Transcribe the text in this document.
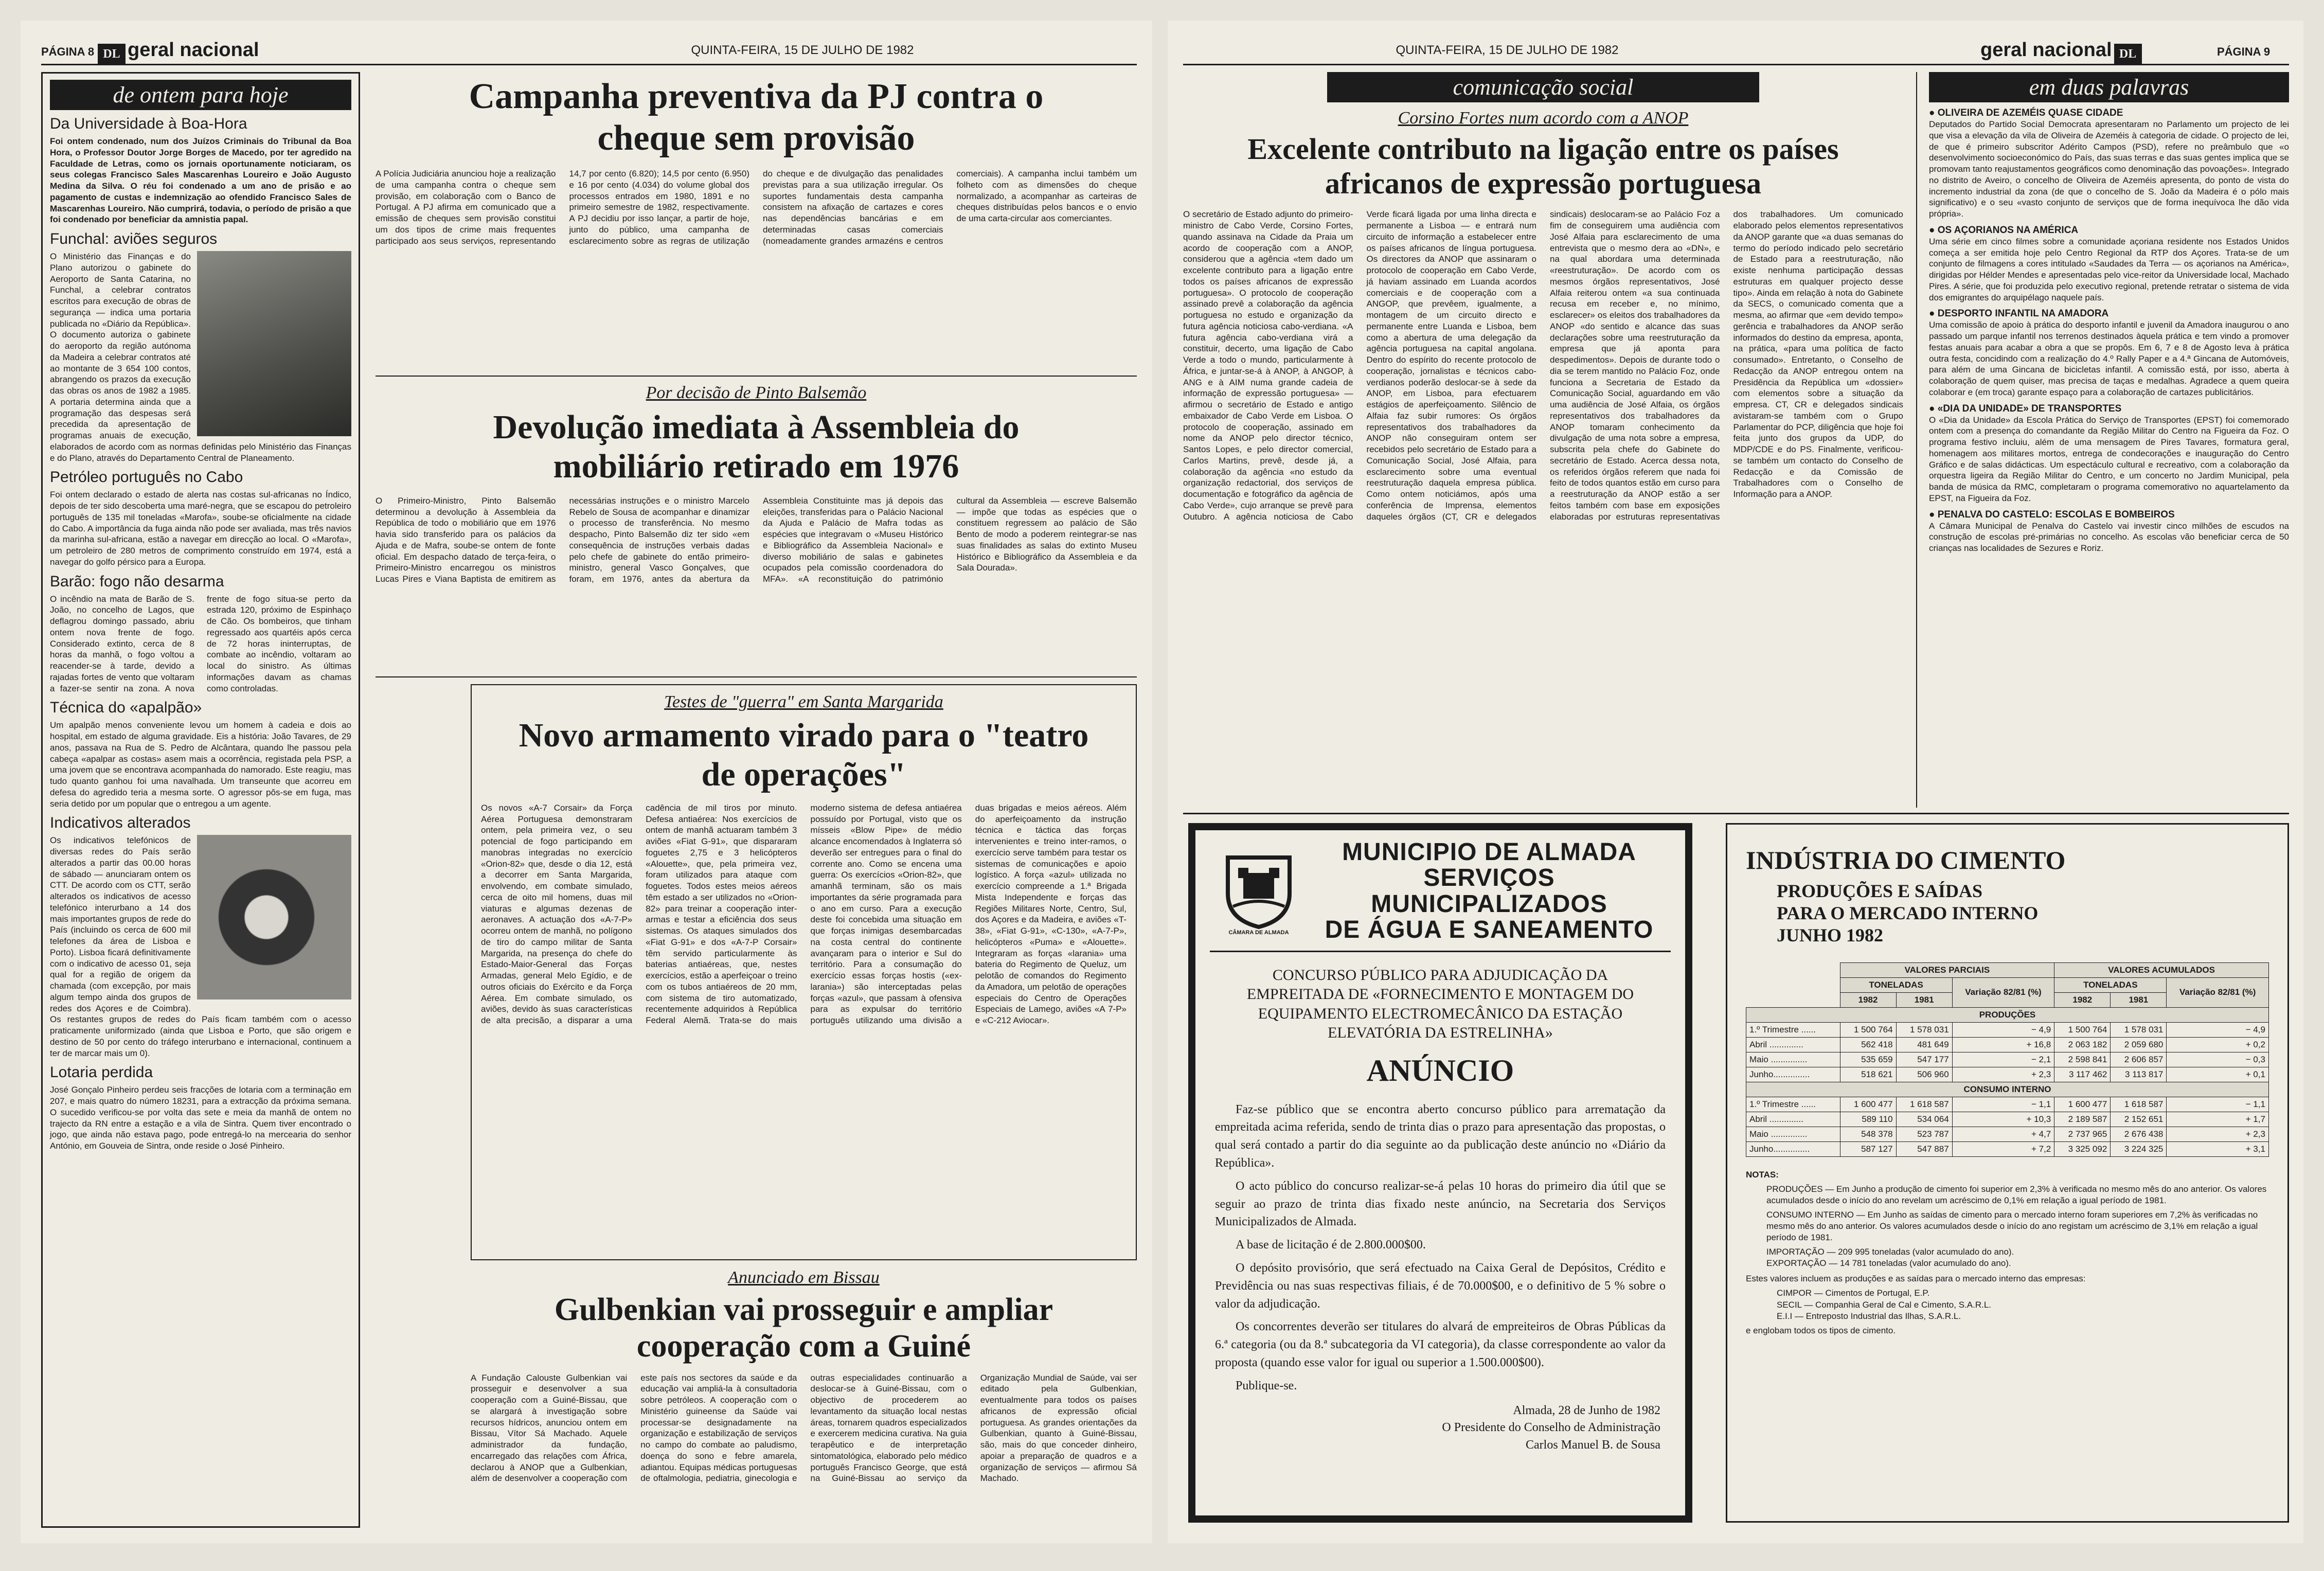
PÁGINA 8 DL geral nacional	QUINTA-FEIRA, 15 DE JULHO DE 1982
de ontem para hoje
Da Universidade à Boa-Hora
Foi ontem condenado, num dos Juízos Criminais do Tribunal da Boa Hora, o Professor Doutor Jorge Borges de Macedo, por ter agredido na Faculdade de Letras, como os jornais oportunamente noticiaram, os seus colegas Francisco Sales Mascarenhas Loureiro e João Augusto Medina da Silva. O réu foi condenado a um ano de prisão e ao pagamento de custas e indemnização ao ofendido Francisco Sales de Mascarenhas Loureiro. Não cumprirá, todavia, o período de prisão a que foi condenado por beneficiar da amnistia papal.
Funchal: aviões seguros
O Ministério das Finanças e do Plano autorizou o gabinete do Aeroporto de Santa Catarina, no Funchal, a celebrar contratos escritos para execução de obras de segurança — indica uma portaria publicada no «Diário da República». O documento autoriza o gabinete do aeroporto da região autónoma da Madeira a celebrar contratos até ao montante de 3 654 100 contos, abrangendo os prazos da execução das obras os anos de 1982 a 1985. A portaria determina ainda que a programação das despesas será precedida da apresentação de programas anuais de execução, elaborados de acordo com as normas definidas pelo Ministério das Finanças e do Plano, através do Departamento Central de Planeamento.
Petróleo português no Cabo
Foi ontem declarado o estado de alerta nas costas sul-africanas no Índico, depois de ter sido descoberta uma maré-negra, que se escapou do petroleiro português de 135 mil toneladas «Marofa», soube-se oficialmente na cidade do Cabo. A importância da fuga ainda não pode ser avaliada, mas três navios da marinha sul-africana, estão a navegar em direcção ao local. O «Marofa», um petroleiro de 280 metros de comprimento construído em 1974, está a navegar do golfo pérsico para a Europa.
Barão: fogo não desarma
O incêndio na mata de Barão de S. João, no concelho de Lagos, que deflagrou domingo passado, abriu ontem nova frente de fogo. Considerado extinto, cerca de 8 horas da manhã, o fogo voltou a reacender-se à tarde, devido a rajadas fortes de vento que voltaram a fazer-se sentir na zona. A nova frente de fogo situa-se perto da estrada 120, próximo de Espinhaço de Cão. Os bombeiros, que tinham regressado aos quartéis após cerca de 72 horas ininterruptas, de combate ao incêndio, voltaram ao local do sinistro. As últimas informações davam as chamas como controladas.
Técnica do «apalpão»
Um apalpão menos conveniente levou um homem à cadeia e dois ao hospital, em estado de alguma gravidade. Eis a história: João Tavares, de 29 anos, passava na Rua de S. Pedro de Alcântara, quando lhe passou pela cabeça «apalpar as costas» asem mais a ocorrência, registada pela PSP, a uma jovem que se encontrava acompanhada do namorado. Este reagiu, mas tudo quanto ganhou foi uma navalhada. Um transeunte que acorreu em defesa do agredido teria a mesma sorte. O agressor pôs-se em fuga, mas seria detido por um popular que o entregou a um agente.
Indicativos alterados
Os indicativos telefónicos de diversas redes do País serão alterados a partir das 00.00 horas de sábado — anunciaram ontem os CTT. De acordo com os CTT, serão alterados os indicativos de acesso telefónico interurbano a 14 dos mais importantes grupos de rede do País (incluindo os cerca de 600 mil telefones da área de Lisboa e Porto). Lisboa ficará definitivamente com o indicativo de acesso 01, seja qual for a região de origem da chamada (com excepção, por mais algum tempo ainda dos grupos de redes dos Açores e de Coimbra). Os restantes grupos de redes do País ficam também com o acesso praticamente uniformizado (ainda que Lisboa e Porto, que são origem e destino de 50 por cento do tráfego interurbano e internacional, continuem a ter de marcar mais um 0).
Lotaria perdida
José Gonçalo Pinheiro perdeu seis fracções de lotaria com a terminação em 207, e mais quatro do número 18231, para a extracção da próxima semana. O sucedido verificou-se por volta das sete e meia da manhã de ontem no trajecto da RN entre a estação e a vila de Sintra. Quem tiver encontrado o jogo, que ainda não estava pago, pode entregá-lo na mercearia do senhor António, em Gouveia de Sintra, onde reside o José Pinheiro.
Campanha preventiva da PJ contra o cheque sem provisão
A Polícia Judiciária anunciou hoje a realização de uma campanha contra o cheque sem provisão, em colaboração com o Banco de Portugal. A PJ afirma em comunicado que a emissão de cheques sem provisão constitui um dos tipos de crime mais frequentes participado aos seus serviços, representando 14,7 por cento (6.820); 14,5 por cento (6.950) e 16 por cento (4.034) do volume global dos processos entrados em 1980, 1891 e no primeiro semestre de 1982, respectivamente. A PJ decidiu por isso lançar, a partir de hoje, junto do público, uma campanha de esclarecimento sobre as regras de utilização do cheque e de divulgação das penalidades previstas para a sua utilização irregular. Os suportes fundamentais desta campanha consistem na afixação de cartazes e cores nas dependências bancárias e em determinadas casas comerciais (nomeadamente grandes armazéns e centros comerciais). A campanha inclui também um folheto com as dimensões do cheque normalizado, a acompanhar as carteiras de cheques distribuídas pelos bancos e o envio de uma carta-circular aos comerciantes.
Por decisão de Pinto Balsemão
Devolução imediata à Assembleia do mobiliário retirado em 1976
O Primeiro-Ministro, Pinto Balsemão determinou a devolução à Assembleia da República de todo o mobiliário que em 1976 havia sido transferido para os palácios da Ajuda e de Mafra, soube-se ontem de fonte oficial. Em despacho datado de terça-feira, o Primeiro-Ministro encarregou os ministros Lucas Pires e Viana Baptista de emitirem as necessárias instruções e o ministro Marcelo Rebelo de Sousa de acompanhar e dinamizar o processo de transferência. No mesmo despacho, Pinto Balsemão diz ter sido «em consequência de instruções verbais dadas pelo chefe de gabinete do então primeiro-ministro, general Vasco Gonçalves, que foram, em 1976, antes da abertura da Assembleia Constituinte mas já depois das eleições, transferidas para o Palácio Nacional da Ajuda e Palácio de Mafra todas as espécies que integravam o «Museu Histórico e Bibliográfico da Assembleia Nacional» e diverso mobiliário de salas e gabinetes ocupados pela comissão coordenadora do MFA». «A reconstituição do património cultural da Assembleia — escreve Balsemão — impõe que todas as espécies que o constituem regressem ao palácio de São Bento de modo a poderem reintegrar-se nas suas finalidades as salas do extinto Museu Histórico e Bibliográfico da Assembleia e da Sala Dourada».
Testes de "guerra" em Santa Margarida
Novo armamento virado para o "teatro de operações"
Os novos «A-7 Corsair» da Força Aérea Portuguesa demonstraram ontem, pela primeira vez, o seu potencial de fogo participando em manobras integradas no exercício «Orion-82» que, desde o dia 12, está a decorrer em Santa Margarida, envolvendo, em combate simulado, cerca de oito mil homens, duas mil viaturas e algumas dezenas de aeronaves. A actuação dos «A-7-P» ocorreu ontem de manhã, no polígono de tiro do campo militar de Santa Margarida, na presença do chefe do Estado-Maior-General das Forças Armadas, general Melo Egídio, e de outros oficiais do Exército e da Força Aérea. Em combate simulado, os aviões, devido às suas características de alta precisão, a disparar a uma cadência de mil tiros por minuto. Defesa antiaérea: Nos exercícios de ontem de manhã actuaram também 3 aviões «Fiat G-91», que dispararam foguetes 2,75 e 3 helicópteros «Alouette», que, pela primeira vez, foram utilizados para ataque com foguetes. Todos estes meios aéreos têm estado a ser utilizados no «Orion-82» para treinar a cooperação inter-armas e testar a eficiência dos seus sistemas. Os ataques simulados dos «Fiat G-91» e dos «A-7-P Corsair» têm servido particularmente às baterias antiaéreas, que, nestes exercícios, estão a aperfeiçoar o treino com os tubos antiaéreos de 20 mm, com sistema de tiro automatizado, recentemente adquiridos à República Federal Alemã. Trata-se do mais moderno sistema de defesa antiaérea possuído por Portugal, visto que os mísseis «Blow Pipe» de médio alcance encomendados à Inglaterra só deverão ser entregues para o final do corrente ano. Como se encena uma guerra: Os exercícios «Orion-82», que amanhã terminam, são os mais importantes da série programada para o ano em curso. Para a execução deste foi concebida uma situação em que forças inimigas desembarcadas na costa central do continente avançaram para o interior e Sul do território. Para a consumação do exercício essas forças hostis («ex-larania») são interceptadas pelas forças «azul», que passam à ofensiva para as expulsar do território português utilizando uma divisão a duas brigadas e meios aéreos. Além do aperfeiçoamento da instrução técnica e táctica das forças intervenientes e treino inter-ramos, o exercício serve também para testar os sistemas de comunicações e apoio logístico. A força «azul» utilizada no exercício compreende a 1.ª Brigada Mista Independente e forças das Regiões Militares Norte, Centro, Sul, dos Açores e da Madeira, e aviões «T-38», «Fiat G-91», «C-130», «A-7-P», helicópteros «Puma» e «Alouette». Integraram as forças «larania» uma bateria do Regimento de Queluz, um pelotão de comandos do Regimento da Amadora, um pelotão de operações especiais do Centro de Operações Especiais de Lamego, aviões «A 7-P» e «C-212 Aviocar».
Anunciado em Bissau
Gulbenkian vai prosseguir e ampliar cooperação com a Guiné
A Fundação Calouste Gulbenkian vai prosseguir e desenvolver a sua cooperação com a Guiné-Bissau, que se alargará à investigação sobre recursos hídricos, anunciou ontem em Bissau, Vítor Sá Machado. Aquele administrador da fundação, encarregado das relações com África, declarou à ANOP que a Gulbenkian, além de desenvolver a cooperação com este país nos sectores da saúde e da educação vai ampliá-la à consultadoria sobre petróleos. A cooperação com o Ministério guineense da Saúde vai processar-se designadamente na organização e estabilização de serviços no campo do combate ao paludismo, doença do sono e febre amarela, adiantou. Equipas médicas portuguesas de oftalmologia, pediatria, ginecologia e outras especialidades continuarão a deslocar-se à Guiné-Bissau, com o objectivo de procederem ao levantamento da situação local nestas áreas, tornarem quadros especializados e exercerem medicina curativa. Na guia terapêutico e de interpretação sintomatológica, elaborado pelo médico português Francisco George, que está na Guiné-Bissau ao serviço da Organização Mundial de Saúde, vai ser editado pela Gulbenkian, eventualmente para todos os países africanos de expressão oficial portuguesa. As grandes orientações da Gulbenkian, quanto à Guiné-Bissau, são, mais do que conceder dinheiro, apoiar a preparação de quadros e a organização de serviços — afirmou Sá Machado.
QUINTA-FEIRA, 15 DE JULHO DE 1982	geral nacional DL	PÁGINA 9
comunicação social
Corsino Fortes num acordo com a ANOP
Excelente contributo na ligação entre os países africanos de expressão portuguesa
O secretário de Estado adjunto do primeiro-ministro de Cabo Verde, Corsino Fortes, quando assinava na Cidade da Praia um acordo de cooperação com a ANOP, considerou que a agência «tem dado um excelente contributo para a ligação entre todos os países africanos de expressão portuguesa». O protocolo de cooperação assinado prevê a colaboração da agência portuguesa no estudo e organização da futura agência noticiosa cabo-verdiana. «A futura agência cabo-verdiana virá a constituir, decerto, uma ligação de Cabo Verde a todo o mundo, particularmente à África, e juntar-se-á à ANOP, à ANGOP, à ANG e à AIM numa grande cadeia de informação de expressão portuguesa» — afirmou o secretário de Estado e antigo embaixador de Cabo Verde em Lisboa. O protocolo de cooperação, assinado em nome da ANOP pelo director técnico, Santos Lopes, e pelo director comercial, Carlos Martins, prevê, desde já, a colaboração da agência «no estudo da organização redactorial, dos serviços de documentação e fotográfico da agência de Cabo Verde», cujo arranque se prevê para Outubro. A agência noticiosa de Cabo Verde ficará ligada por uma linha directa e permanente a Lisboa — e entrará num circuito de informação a estabelecer entre os países africanos de língua portuguesa. Os directores da ANOP que assinaram o protocolo de cooperação em Cabo Verde, já haviam assinado em Luanda acordos comerciais e de cooperação com a ANGOP, que prevêem, igualmente, a montagem de um circuito directo e permanente entre Luanda e Lisboa, bem como a abertura de uma delegação da agência portuguesa na capital angolana. Dentro do espírito do recente protocolo de cooperação, jornalistas e técnicos cabo-verdianos poderão deslocar-se à sede da ANOP, em Lisboa, para efectuarem estágios de aperfeiçoamento. Silêncio de Alfaia faz subir rumores: Os órgãos representativos dos trabalhadores da ANOP não conseguiram ontem ser recebidos pelo secretário de Estado para a Comunicação Social, José Alfaia, para esclarecimento sobre uma eventual reestruturação daquela empresa pública. Como ontem noticiámos, após uma conferência de Imprensa, elementos daqueles órgãos (CT, CR e delegados sindicais) deslocaram-se ao Palácio Foz a fim de conseguirem uma audiência com José Alfaia para esclarecimento de uma entrevista que o mesmo dera ao «DN», e na qual abordara uma determinada «reestruturação». De acordo com os mesmos órgãos representativos, José Alfaia reiterou ontem «a sua continuada recusa em receber e, no mínimo, esclarecer» os eleitos dos trabalhadores da ANOP «do sentido e alcance das suas declarações sobre uma reestruturação da empresa que já aponta para despedimentos». Depois de durante todo o dia se terem mantido no Palácio Foz, onde funciona a Secretaria de Estado da Comunicação Social, aguardando em vão uma audiência de José Alfaia, os órgãos representativos dos trabalhadores da ANOP tomaram conhecimento da divulgação de uma nota sobre a empresa, subscrita pela chefe do Gabinete do secretário de Estado. Acerca dessa nota, os referidos órgãos referem que nada foi feito de todos quantos estão em curso para a reestruturação da ANOP estão a ser feitos também com base em exposições elaboradas por estruturas representativas dos trabalhadores. Um comunicado elaborado pelos elementos representativos da ANOP garante que «a duas semanas do termo do período indicado pelo secretário de Estado para a reestruturação, não existe nenhuma participação dessas estruturas em qualquer projecto desse tipo». Ainda em relação à nota do Gabinete da SECS, o comunicado comenta que a mesma, ao afirmar que «em devido tempo» gerência e trabalhadores da ANOP serão informados do destino da empresa, aponta, na prática, «para uma política de facto consumado». Entretanto, o Conselho de Redacção da ANOP entregou ontem na Presidência da República um «dossier» com elementos sobre a situação da empresa. CT, CR e delegados sindicais avistaram-se também com o Grupo Parlamentar do PCP, diligência que hoje foi feita junto dos grupos da UDP, do MDP/CDE e do PS. Finalmente, verificou-se também um contacto do Conselho de Redacção e da Comissão de Trabalhadores com o Conselho de Informação para a ANOP.
em duas palavras
● OLIVEIRA DE AZEMÉIS QUASE CIDADE
Deputados do Partido Social Democrata apresentaram no Parlamento um projecto de lei que visa a elevação da vila de Oliveira de Azeméis à categoria de cidade. O projecto de lei, de que é primeiro subscritor Adérito Campos (PSD), refere no preâmbulo que «o desenvolvimento socioeconómico do País, das suas terras e das suas gentes implica que se promovam tanto reajustamentos geográficos como denominação das povoações». Integrado no distrito de Aveiro, o concelho de Oliveira de Azeméis apresenta, do ponto de vista do incremento industrial da zona (de que o concelho de S. João da Madeira é o pólo mais significativo) e o seu «vasto conjunto de serviços que de forma inequívoca lhe dão vida própria».
● OS AÇORIANOS NA AMÉRICA
Uma série em cinco filmes sobre a comunidade açoriana residente nos Estados Unidos começa a ser emitida hoje pelo Centro Regional da RTP dos Açores. Trata-se de um conjunto de filmagens a cores intitulado «Saudades da Terra — os açorianos na América», dirigidas por Hélder Mendes e apresentadas pelo vice-reitor da Universidade local, Machado Pires. A série, que foi produzida pelo executivo regional, pretende retratar o sistema de vida dos emigrantes do arquipélago naquele país.
● DESPORTO INFANTIL NA AMADORA
Uma comissão de apoio à prática do desporto infantil e juvenil da Amadora inaugurou o ano passado um parque infantil nos terrenos destinados àquela prática e tem vindo a promover festas anuais para acabar a obra a que se propôs. Em 6, 7 e 8 de Agosto leva à prática outra festa, concidindo com a realização do 4.º Rally Paper e a 4.ª Gincana de Automóveis, para além de uma Gincana de bicicletas infantil. A comissão está, por isso, aberta à colaboração de quem quiser, mas precisa de taças e medalhas. Agradece a quem queira colaborar e (em troca) garante espaço para a colaboração de cartazes publicitários.
● «DIA DA UNIDADE» DE TRANSPORTES
O «Dia da Unidade» da Escola Prática do Serviço de Transportes (EPST) foi comemorado ontem com a presença do comandante da Região Militar do Centro na Figueira da Foz. O programa festivo incluiu, além de uma mensagem de Pires Tavares, formatura geral, homenagem aos militares mortos, entrega de condecorações e inauguração do Centro Gráfico e de salas didácticas. Um espectáculo cultural e recreativo, com a colaboração da orquestra ligeira da Região Militar do Centro, e um concerto no Jardim Municipal, pela banda de música da RMC, completaram o programa comemorativo no aquartelamento da EPST, na Figueira da Foz.
● PENALVA DO CASTELO: ESCOLAS E BOMBEIROS
A Câmara Municipal de Penalva do Castelo vai investir cinco milhões de escudos na construção de escolas pré-primárias no concelho. As escolas vão beneficiar cerca de 50 crianças nas localidades de Sezures e Roriz.
CÂMARA DE ALMADA
MUNICIPIO DE ALMADA
SERVIÇOS MUNICIPALIZADOS
DE ÁGUA E SANEAMENTO
CONCURSO PÚBLICO PARA ADJUDICAÇÃO DA EMPREITADA DE «FORNECIMENTO E MONTAGEM DO EQUIPAMENTO ELECTROMECÂNICO DA ESTAÇÃO ELEVATÓRIA DA ESTRELINHA»
ANÚNCIO

Faz-se público que se encontra aberto concurso público para arrematação da empreitada acima referida, sendo de trinta dias o prazo para apresentação das propostas, o qual será contado a partir do dia seguinte ao da publicação deste anúncio no «Diário da República».

O acto público do concurso realizar-se-á pelas 10 horas do primeiro dia útil que se seguir ao prazo de trinta dias fixado neste anúncio, na Secretaria dos Serviços Municipalizados de Almada.

A base de licitação é de 2.800.000$00.

O depósito provisório, que será efectuado na Caixa Geral de Depósitos, Crédito e Previdência ou nas suas respectivas filiais, é de 70.000$00, e o definitivo de 5 % sobre o valor da adjudicação.

Os concorrentes deverão ser titulares do alvará de empreiteiros de Obras Públicas da 6.ª categoria (ou da 8.ª subcategoria da VI categoria), da classe correspondente ao valor da proposta (quando esse valor for igual ou superior a 1.500.000$00).

Publique-se.

Almada, 28 de Junho de 1982
O Presidente do Conselho de Administração
Carlos Manuel B. de Sousa
INDÚSTRIA DO CIMENTO
PRODUÇÕES E SAÍDAS
PARA O MERCADO INTERNO
JUNHO 1982
	VALORES PARCIAIS			VALORES ACUMULADOS		
	TONELADAS		Variação 82/81 (%)	TONELADAS		Variação 82/81 (%)
	1982	1981		1982	1981	
PRODUÇÕES						
1.º Trimestre ......	1 500 764	1 578 031	− 4,9	1 500 764	1 578 031	− 4,9
Abril ..............	562 418	481 649	+ 16,8	2 063 182	2 059 680	+ 0,2
Maio ...............	535 659	547 177	− 2,1	2 598 841	2 606 857	− 0,3
Junho...............	518 621	506 960	+ 2,3	3 117 462	3 113 817	+ 0,1
CONSUMO INTERNO						
1.º Trimestre ......	1 600 477	1 618 587	− 1,1	1 600 477	1 618 587	− 1,1
Abril ..............	589 110	534 064	+ 10,3	2 189 587	2 152 651	+ 1,7
Maio ...............	548 378	523 787	+ 4,7	2 737 965	2 676 438	+ 2,3
Junho...............	587 127	547 887	+ 7,2	3 325 092	3 224 325	+ 3,1
NOTAS:
PRODUÇÕES — Em Junho a produção de cimento foi superior em 2,3% à verificada no mesmo mês do ano anterior. Os valores acumulados desde o início do ano revelam um acréscimo de 0,1% em relação a igual período de 1981.
CONSUMO INTERNO — Em Junho as saídas de cimento para o mercado interno foram superiores em 7,2% às verificadas no mesmo mês do ano anterior. Os valores acumulados desde o início do ano registam um acréscimo de 3,1% em relação a igual período de 1981.
IMPORTAÇÃO — 209 995 toneladas (valor acumulado do ano).
EXPORTAÇÃO — 14 781 toneladas (valor acumulado do ano).
Estes valores incluem as produções e as saídas para o mercado interno das empresas:
CIMPOR — Cimentos de Portugal, E.P.
SECIL — Companhia Geral de Cal e Cimento, S.A.R.L.
E.I.I — Entreposto Industrial das Ilhas, S.A.R.L.
e englobam todos os tipos de cimento.
